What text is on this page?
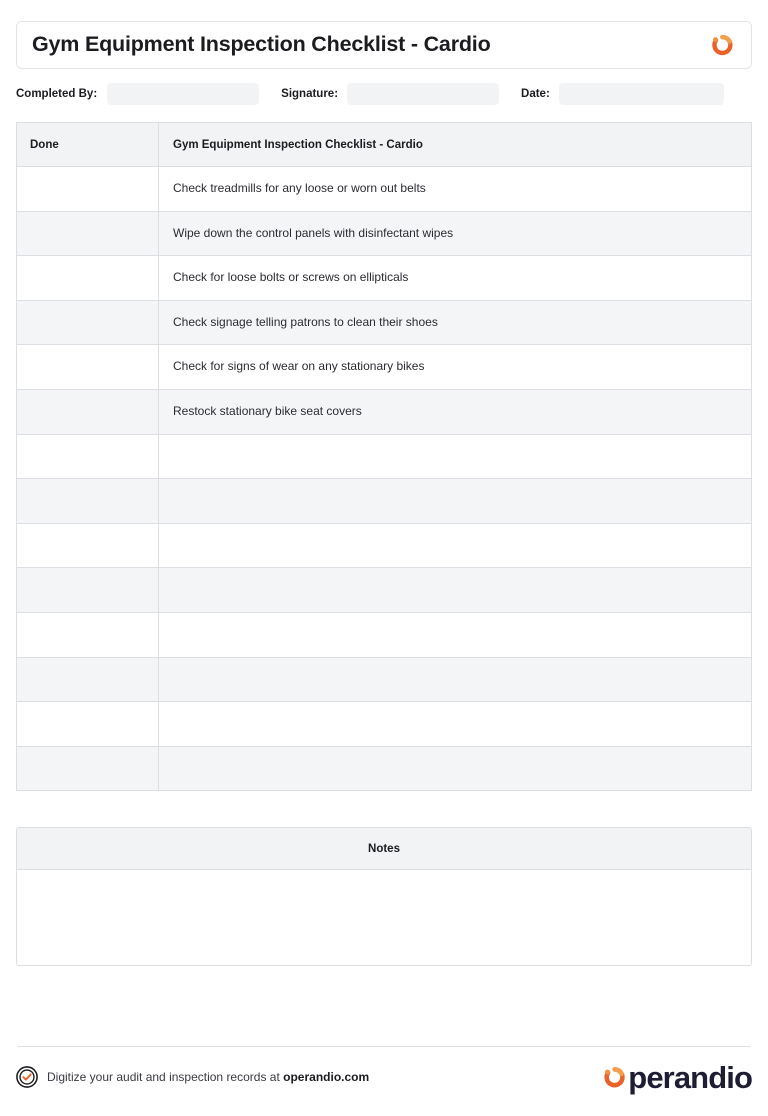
Gym Equipment Inspection Checklist - Cardio
Completed By:	Signature:	Date:
Done	Gym Equipment Inspection Checklist - Cardio
	Check treadmills for any loose or worn out belts
	Wipe down the control panels with disinfectant wipes
	Check for loose bolts or screws on ellipticals
	Check signage telling patrons to clean their shoes
	Check for signs of wear on any stationary bikes
	Restock stationary bike seat covers

Notes
Digitize your audit and inspection records at operandio.com	perandio
